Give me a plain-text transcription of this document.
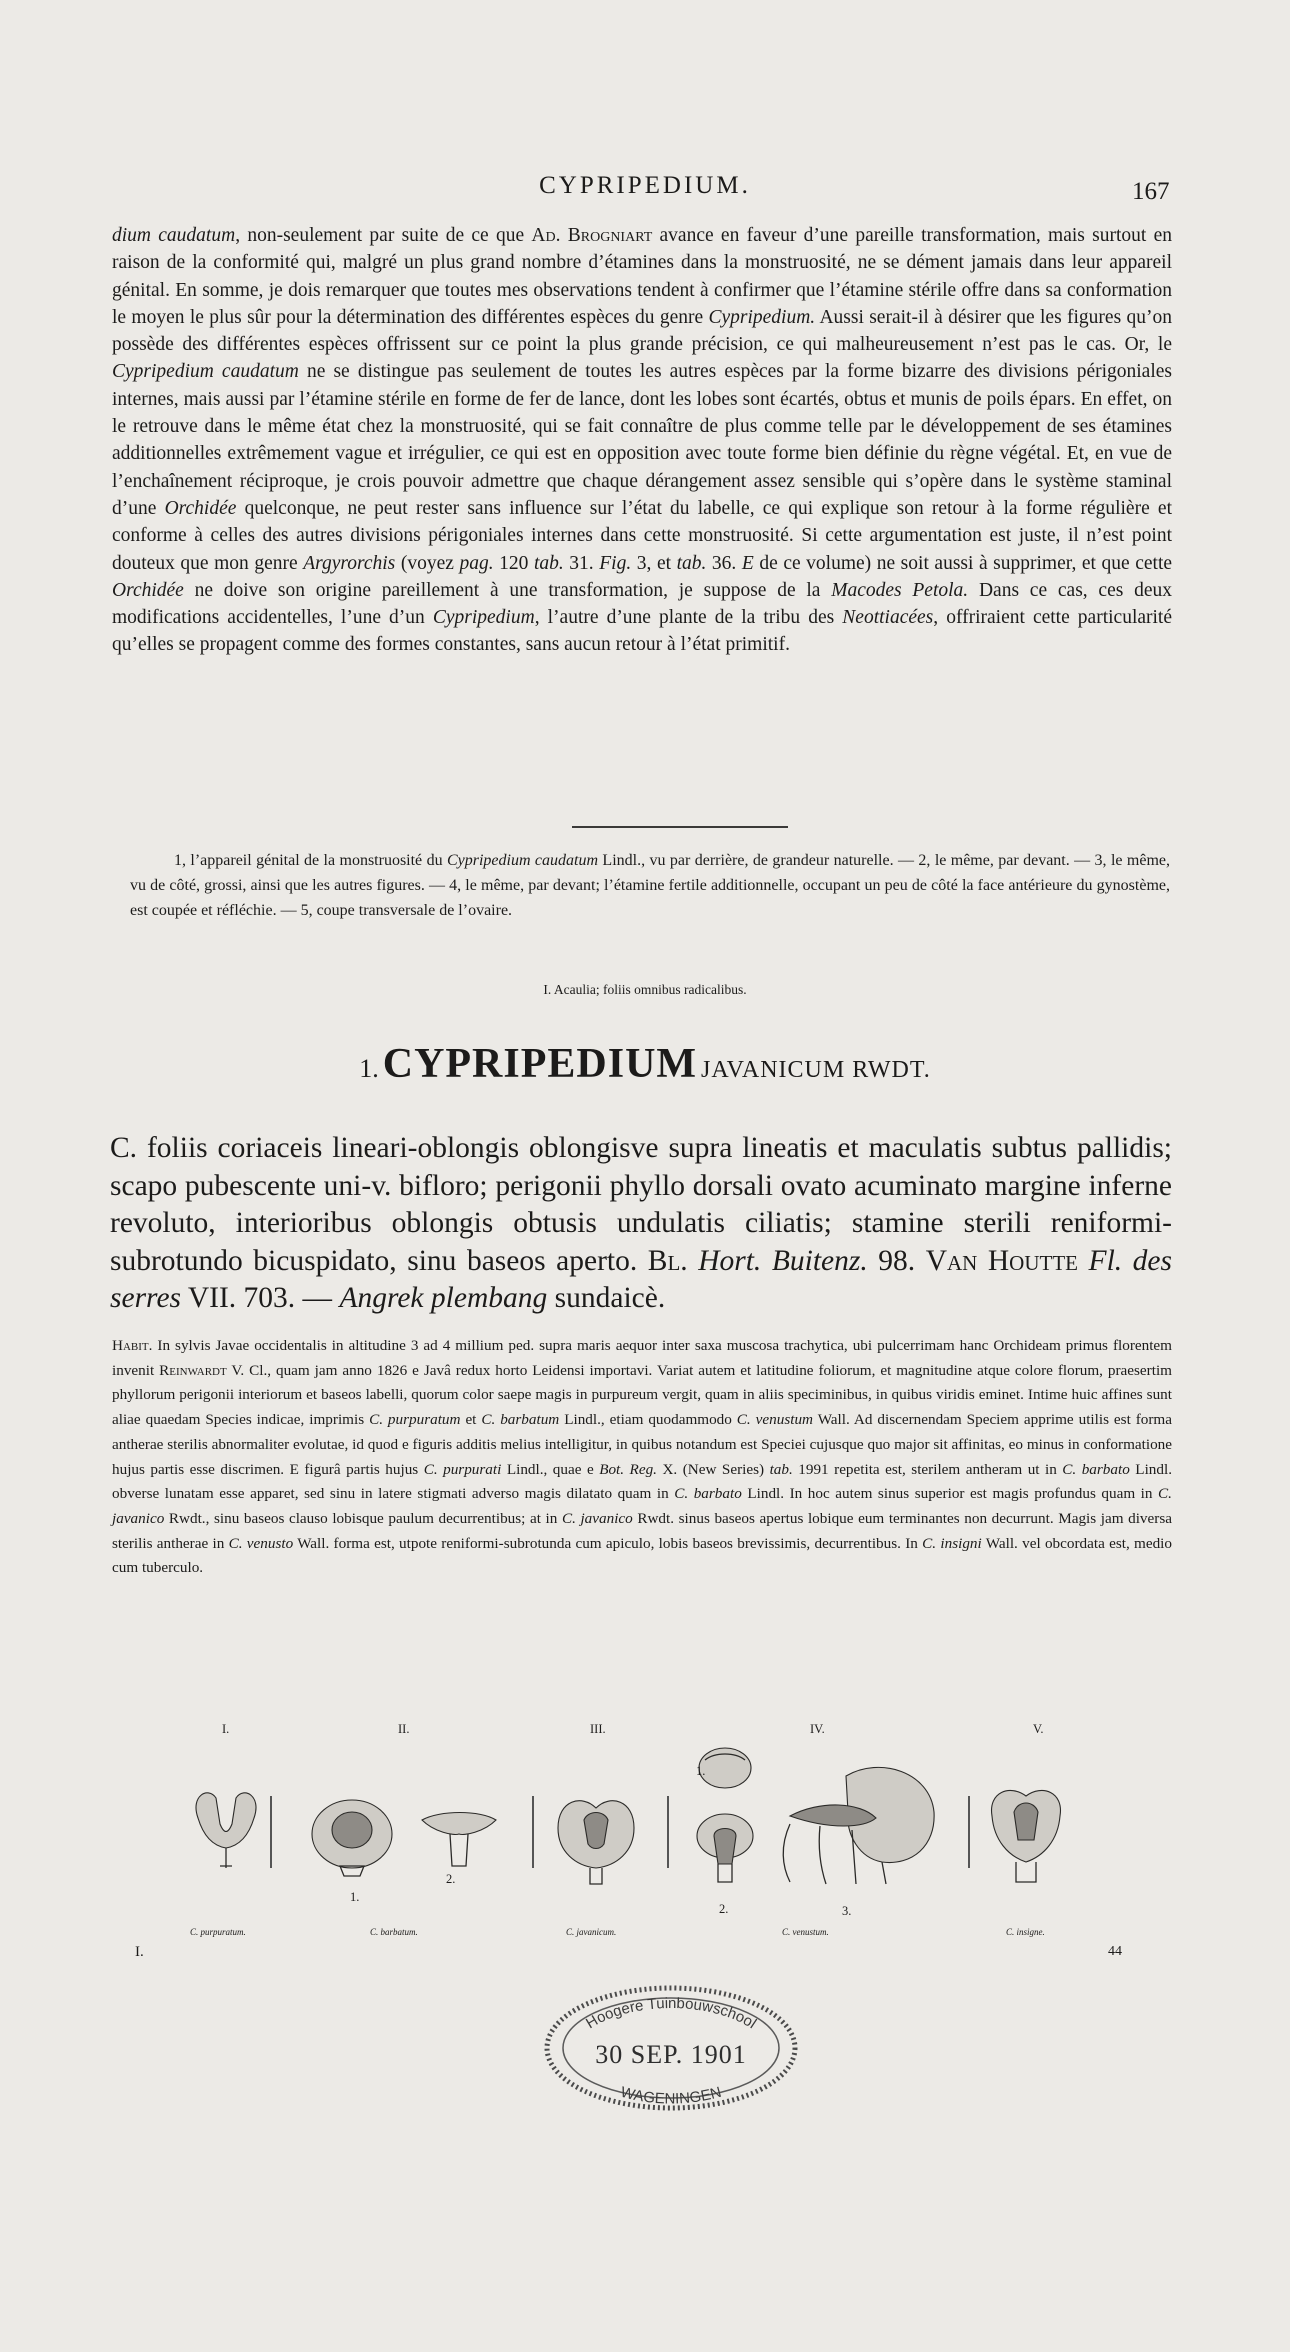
CYPRIPEDIUM.	167

dium caudatum, non-seulement par suite de ce que Ad. Brogniart avance en faveur d’une pareille transformation, mais surtout en raison de la conformité qui, malgré un plus grand nombre d’étamines dans la monstruosité, ne se dément jamais dans leur appareil génital. En somme, je dois remarquer que toutes mes observations tendent à confirmer que l’étamine stérile offre dans sa conformation le moyen le plus sûr pour la détermination des différentes espèces du genre Cypripedium. Aussi serait-il à désirer que les figures qu’on possède des différentes espèces offrissent sur ce point la plus grande précision, ce qui malheureusement n’est pas le cas. Or, le Cypripedium caudatum ne se distingue pas seulement de toutes les autres espèces par la forme bizarre des divisions périgoniales internes, mais aussi par l’étamine stérile en forme de fer de lance, dont les lobes sont écartés, obtus et munis de poils épars. En effet, on le retrouve dans le même état chez la monstruosité, qui se fait connaître de plus comme telle par le développement de ses étamines additionnelles extrêmement vague et irrégulier, ce qui est en opposition avec toute forme bien définie du règne végétal. Et, en vue de l’enchaînement réciproque, je crois pouvoir admettre que chaque dérangement assez sensible qui s’opère dans le système staminal d’une Orchidée quelconque, ne peut rester sans influence sur l’état du labelle, ce qui explique son retour à la forme régulière et conforme à celles des autres divisions périgoniales internes dans cette monstruosité. Si cette argumentation est juste, il n’est point douteux que mon genre Argyrorchis (voyez pag. 120 tab. 31. Fig. 3, et tab. 36. E de ce volume) ne soit aussi à supprimer, et que cette Orchidée ne doive son origine pareillement à une transformation, je suppose de la Macodes Petola. Dans ce cas, ces deux modifications accidentelles, l’une d’un Cypripedium, l’autre d’une plante de la tribu des Neottiacées, offriraient cette particularité qu’elles se propagent comme des formes constantes, sans aucun retour à l’état primitif.

1, l’appareil génital de la monstruosité du Cypripedium caudatum Lindl., vu par derrière, de grandeur naturelle. — 2, le même, par devant. — 3, le même, vu de côté, grossi, ainsi que les autres figures. — 4, le même, par devant; l’étamine fertile additionnelle, occupant un peu de côté la face antérieure du gynostème, est coupée et réfléchie. — 5, coupe transversale de l’ovaire.

I. Acaulia; foliis omnibus radicalibus.
1. CYPRIPEDIUM JAVANICUM RWDT.
C. foliis coriaceis lineari-oblongis oblongisve supra lineatis et maculatis subtus pallidis; scapo pubescente uni-v. bifloro; perigonii phyllo dorsali ovato acuminato margine inferne revoluto, interioribus oblongis obtusis undulatis ciliatis; stamine sterili reniformi-subrotundo bicuspidato, sinu baseos aperto. Bl. Hort. Buitenz. 98. Van Houtte Fl. des serres VII. 703. — Angrek plembang sundaicè.
Habit. In sylvis Javae occidentalis in altitudine 3 ad 4 millium ped. supra maris aequor inter saxa muscosa trachytica, ubi pulcerrimam hanc Orchideam primus florentem invenit Reinwardt V. Cl., quam jam anno 1826 e Javâ redux horto Leidensi importavi. Variat autem et latitudine foliorum, et magnitudine atque colore florum, praesertim phyllorum perigonii interiorum et baseos labelli, quorum color saepe magis in purpureum vergit, quam in aliis speciminibus, in quibus viridis eminet. Intime huic affines sunt aliae quaedam Species indicae, imprimis C. purpuratum et C. barbatum Lindl., etiam quodammodo C. venustum Wall. Ad discernendam Speciem apprime utilis est forma antherae sterilis abnormaliter evolutae, id quod e figuris additis melius intelligitur, in quibus notandum est Speciei cujusque quo major sit affinitas, eo minus in conformatione hujus partis esse discrimen. E figurâ partis hujus C. purpurati Lindl., quae e Bot. Reg. X. (New Series) tab. 1991 repetita est, sterilem antheram ut in C. barbato Lindl. obverse lunatam esse apparet, sed sinu in latere stigmati adverso magis dilatato quam in C. barbato Lindl. In hoc autem sinus superior est magis profundus quam in C. javanico Rwdt., sinu baseos clauso lobisque paulum decurrentibus; at in C. javanico Rwdt. sinus baseos apertus lobique eum terminantes non decurrunt. Magis jam diversa sterilis antherae in C. venusto Wall. forma est, utpote reniformi-subrotunda cum apiculo, lobis baseos brevissimis, decurrentibus. In C. insigni Wall. vel obcordata est, medio cum tuberculo.
I.	II.	III.	IV.	V.
1.
2.
1.
2.	3.
C. purpuratum.	C. barbatum.	C. javanicum.	C. venustum.	C. insigne.
I.	44
Hoogere Tuinbouwschool
WAGENINGEN
30 SEP. 1901
